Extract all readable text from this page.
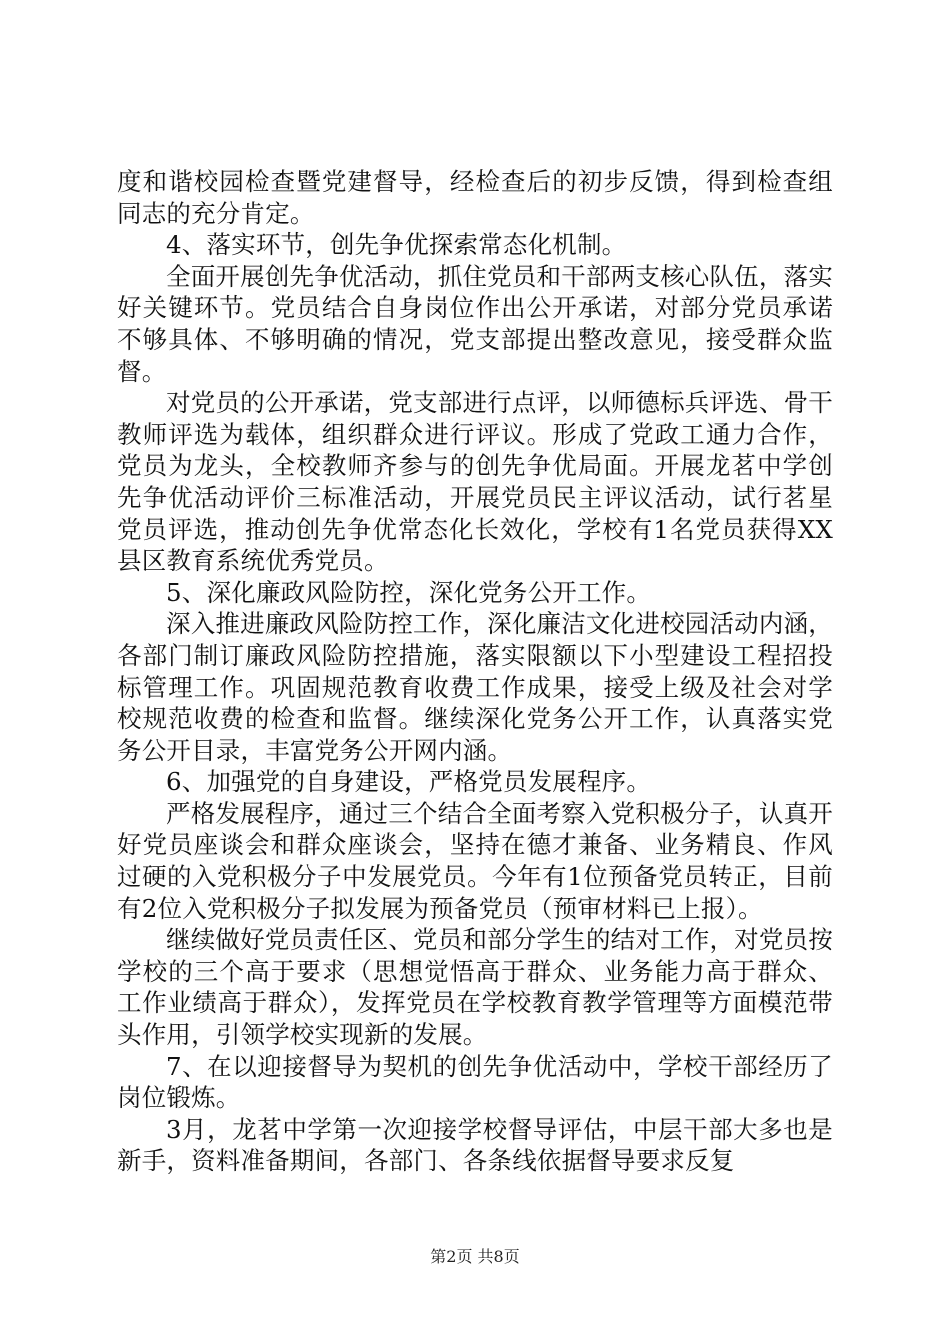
度和谐校园检查暨党建督导，经检查后的初步反馈，得到检查组同志的充分肯定。

4、落实环节，创先争优探索常态化机制。

全面开展创先争优活动，抓住党员和干部两支核心队伍，落实好关键环节。党员结合自身岗位作出公开承诺，对部分党员承诺不够具体、不够明确的情况，党支部提出整改意见，接受群众监督。

对党员的公开承诺，党支部进行点评，以师德标兵评选、骨干教师评选为载体，组织群众进行评议。形成了党政工通力合作，党员为龙头，全校教师齐参与的创先争优局面。开展龙茗中学创先争优活动评价三标准活动，开展党员民主评议活动，试行茗星党员评选，推动创先争优常态化长效化，学校有1名党员获得XX县区教育系统优秀党员。

5、深化廉政风险防控，深化党务公开工作。

深入推进廉政风险防控工作，深化廉洁文化进校园活动内涵，各部门制订廉政风险防控措施，落实限额以下小型建设工程招投标管理工作。巩固规范教育收费工作成果，接受上级及社会对学校规范收费的检查和监督。继续深化党务公开工作，认真落实党务公开目录，丰富党务公开网内涵。

6、加强党的自身建设，严格党员发展程序。

严格发展程序，通过三个结合全面考察入党积极分子，认真开好党员座谈会和群众座谈会，坚持在德才兼备、业务精良、作风过硬的入党积极分子中发展党员。今年有1位预备党员转正，目前有2位入党积极分子拟发展为预备党员（预审材料已上报）。

继续做好党员责任区、党员和部分学生的结对工作，对党员按学校的三个高于要求（思想觉悟高于群众、业务能力高于群众、工作业绩高于群众），发挥党员在学校教育教学管理等方面模范带头作用，引领学校实现新的发展。

7、在以迎接督导为契机的创先争优活动中，学校干部经历了岗位锻炼。

3月，龙茗中学第一次迎接学校督导评估，中层干部大多也是新手，资料准备期间，各部门、各条线依据督导要求反复

第2页 共8页
